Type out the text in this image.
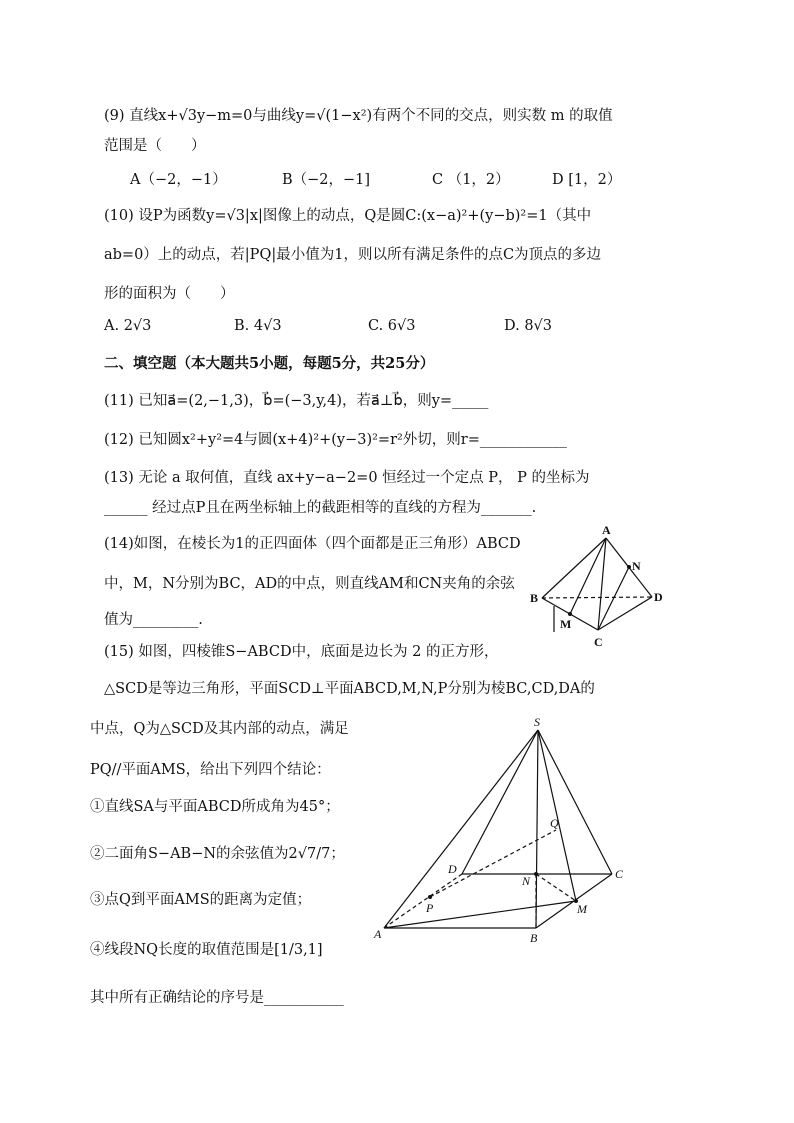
(9) 直线x+√3y−m=0与曲线y=√(1−x²)有两个不同的交点，则实数 m 的取值
范围是（　　）
A（−2，−1）	B（−2，−1]	C （1，2）	D [1，2）
(10) 设P为函数y=√3|x|图像上的动点，Q是圆C:(x−a)²+(y−b)²=1（其中
ab=0）上的动点，若|PQ|最小值为1，则以所有满足条件的点C为顶点的多边
形的面积为（　　）
A. 2√3	B. 4√3	C. 6√3	D. 8√3
二、填空题（本大题共5小题，每题5分，共25分）
(11) 已知a⃗=(2,−1,3)，b⃗=(−3,y,4)，若a⃗⊥b⃗，则y=_____
(12) 已知圆x²+y²=4与圆(x+4)²+(y−3)²=r²外切，则r=____________
(13) 无论 a 取何值，直线 ax+y−a−2=0 恒经过一个定点 P， P 的坐标为
______ 经过点P且在两坐标轴上的截距相等的直线的方程为_______.
(14)如图，在棱长为1的正四面体（四个面都是正三角形）ABCD
中，M，N分别为BC，AD的中点，则直线AM和CN夹角的余弦
值为_________.
A
B
C
D
M
N
(15) 如图，四棱锥S−ABCD中，底面是边长为 2 的正方形，
△SCD是等边三角形，平面SCD⊥平面ABCD,M,N,P分别为棱BC,CD,DA的
中点，Q为△SCD及其内部的动点，满足
PQ//平面AMS，给出下列四个结论：
①直线SA与平面ABCD所成角为45°；
②二面角S−AB−N的余弦值为2√7/7；
③点Q到平面AMS的距离为定值；
④线段NQ长度的取值范围是[1/3,1]
其中所有正确结论的序号是___________
S
A	B
C
D
M
N
P
Q
